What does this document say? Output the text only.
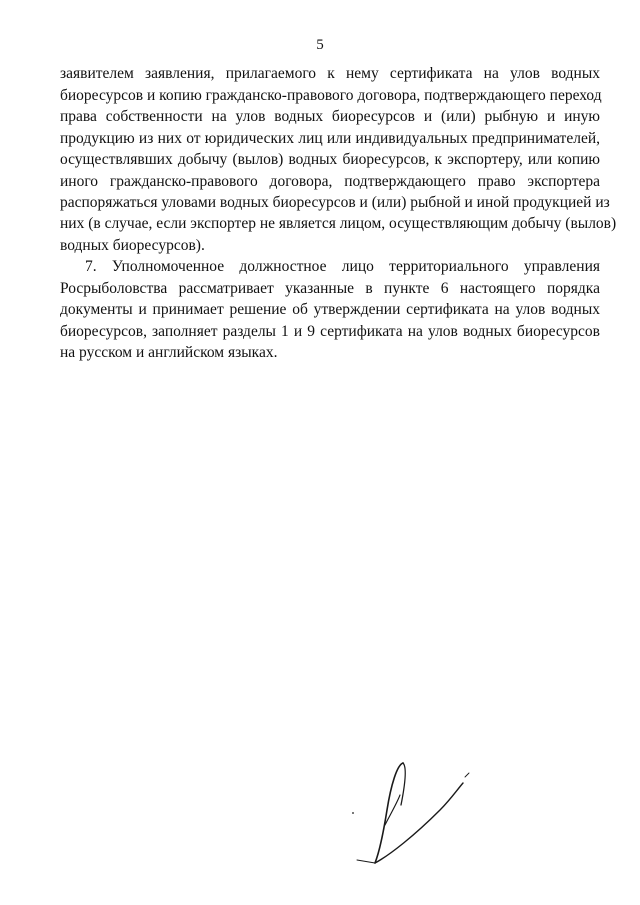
5
заявителем заявления, прилагаемого к нему сертификата на улов водных
биоресурсов и копию гражданско-правового договора, подтверждающего переход
права собственности на улов водных биоресурсов и (или) рыбную и иную
продукцию из них от юридических лиц или индивидуальных предпринимателей,
осуществлявших добычу (вылов) водных биоресурсов, к экспортеру, или копию
иного гражданско-правового договора, подтверждающего право экспортера
распоряжаться уловами водных биоресурсов и (или) рыбной и иной продукцией из
них (в случае, если экспортер не является лицом, осуществляющим добычу (вылов)
водных биоресурсов).
7. Уполномоченное должностное лицо территориального управления
Росрыболовства рассматривает указанные в пункте 6 настоящего порядка
документы и принимает решение об утверждении сертификата на улов водных
биоресурсов, заполняет разделы 1 и 9 сертификата на улов водных биоресурсов
на русском и английском языках.
